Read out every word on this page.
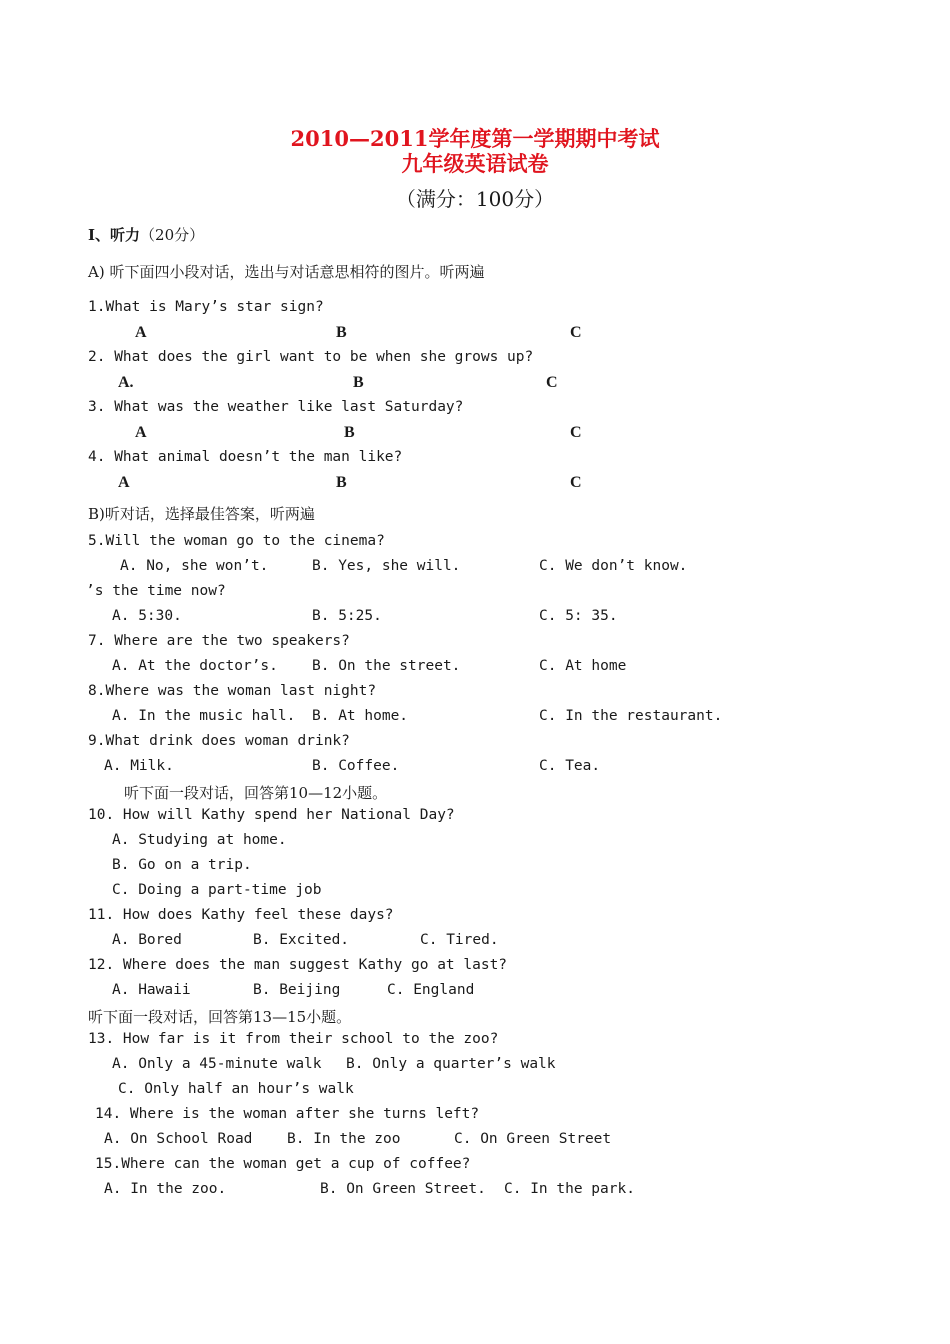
2010—2011学年度第一学期期中考试
九年级英语试卷
（满分：100分）
Ⅰ、听力（20分）
A) 听下面四小段对话，选出与对话意思相符的图片。听两遍
1.What is Mary’s star sign?
A	B	C
2. What does the girl want to be when she grows up?
A.	B	C
3. What was the weather like last Saturday?
A	B	C
4. What animal doesn’t the man like?
A	B	C
B)听对话，选择最佳答案，听两遍
5.Will the woman go to the cinema?
A. No, she won’t.	B. Yes, she will.	C. We don’t know.
’s the time now?
A. 5:30.	B. 5:25.	C. 5: 35.
7. Where are the two speakers?
A. At the doctor’s. B. On the street.	C. At home
8.Where was the woman last night?
A. In the music hall. B. At home.	C. In the restaurant.
9.What drink does woman drink?
A. Milk.	B. Coffee.	C. Tea.
听下面一段对话，回答第10—12小题。
10. How will Kathy spend her National Day?
A. Studying at home.
B. Go on a trip.
C. Doing a part-time job
11. How does Kathy feel these days?
A. Bored	B. Excited.	C. Tired.
12. Where does the man suggest Kathy go at last?
A. Hawaii	B. Beijing	C. England
听下面一段对话，回答第13—15小题。
13. How far is it from their school to the zoo?
A. Only a 45-minute walk B. Only a quarter’s walk
C. Only half an hour’s walk
14. Where is the woman after she turns left?
A. On School Road B. In the zoo	C. On Green Street
15.Where can the woman get a cup of coffee?
A. In the zoo.	B. On Green Street. C. In the park.
